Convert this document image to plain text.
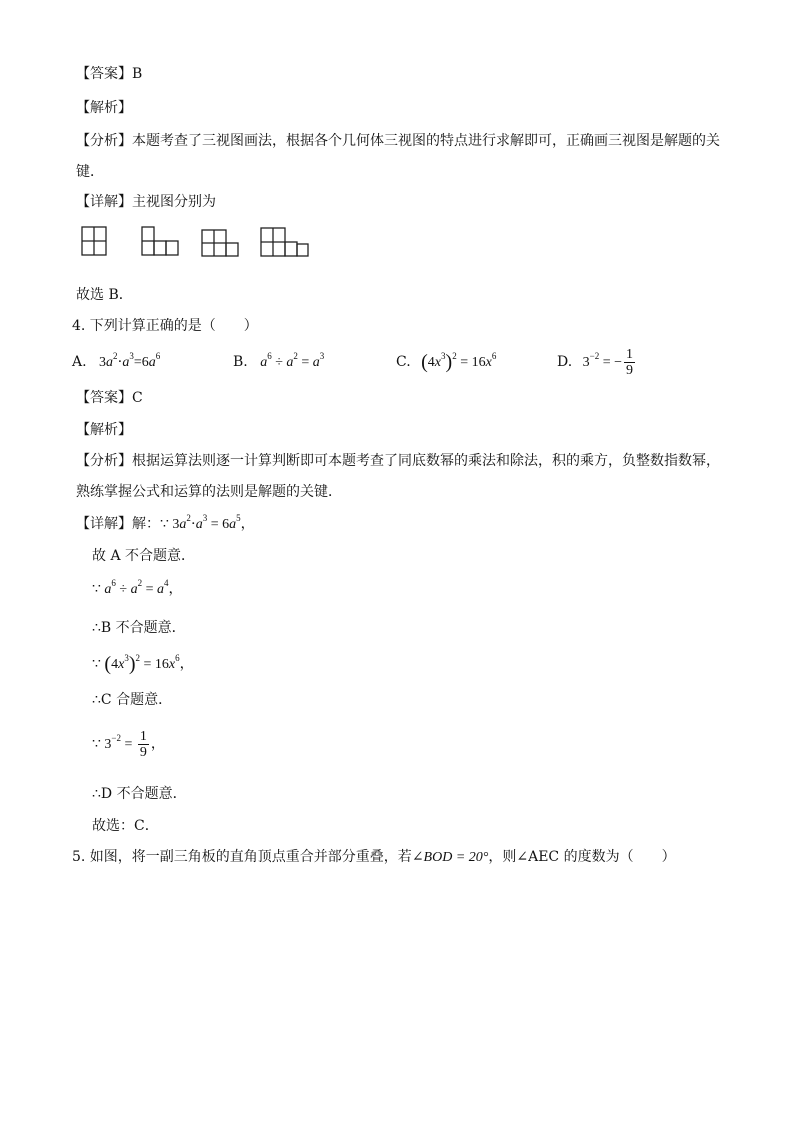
【答案】B
【解析】
【分析】本题考查了三视图画法，根据各个几何体三视图的特点进行求解即可，正确画三视图是解题的关
键．
【详解】主视图分别为
故选 B．
4. 下列计算正确的是（　　）
A. $3a^2\cdot a^3=6a^6$	B. $a^6 \div a^2 = a^3$	C. $(4x^3)^2 = 16x^6$	D. $3^{-2}$ = − $\frac{1}{9}$
【答案】C
【解析】
【分析】根据运算法则逐一计算判断即可本题考查了同底数幂的乘法和除法，积的乘方，负整数指数幂，
熟练掌握公式和运算的法则是解题的关键．
【详解】解：∵ $3a^2\cdot a^3 = 6a^5$，
故 A 不合题意．
∵ $a^6 \div a^2 = a^4$，
∴B 不合题意．
∵ $(4x^3)^2 = 16x^6$，
∴C 合题意．
∵ $3^{-2} = \frac{1}{9}$ ，
∴D 不合题意．
故选：C．
5. 如图，将一副三角板的直角顶点重合并部分重叠，若∠BOD = 20°，则∠AEC 的度数为（　　）
